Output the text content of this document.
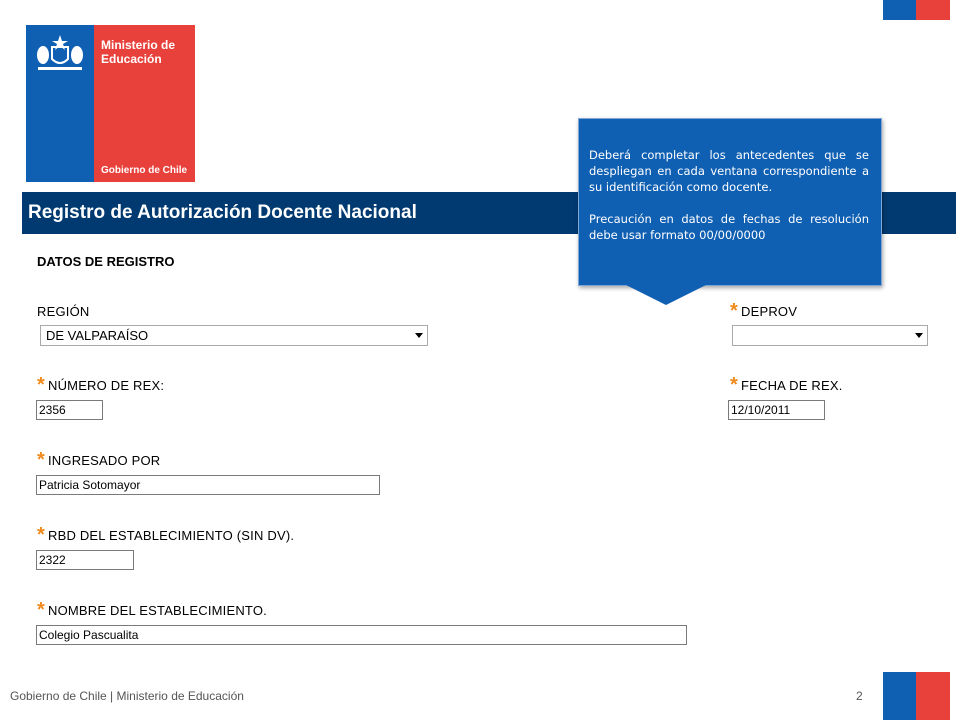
Ministerio de
Educación
Gobierno de Chile
Registro de Autorización Docente Nacional
DATOS DE REGISTRO
REGIÓN
DE VALPARAÍSO
* DEPROV
* NÚMERO DE REX:
2356
* FECHA DE REX.
12/10/2011
* INGRESADO POR
Patricia Sotomayor
* RBD DEL ESTABLECIMIENTO (SIN DV).
2322
* NOMBRE DEL ESTABLECIMIENTO.
Colegio Pascualita

Deberá completar los antecedentes que se despliegan en cada ventana correspondiente a su identificación como docente.

Precaución en datos de fechas de resolución debe usar formato 00/00/0000

Gobierno de Chile | Ministerio de Educación	2
